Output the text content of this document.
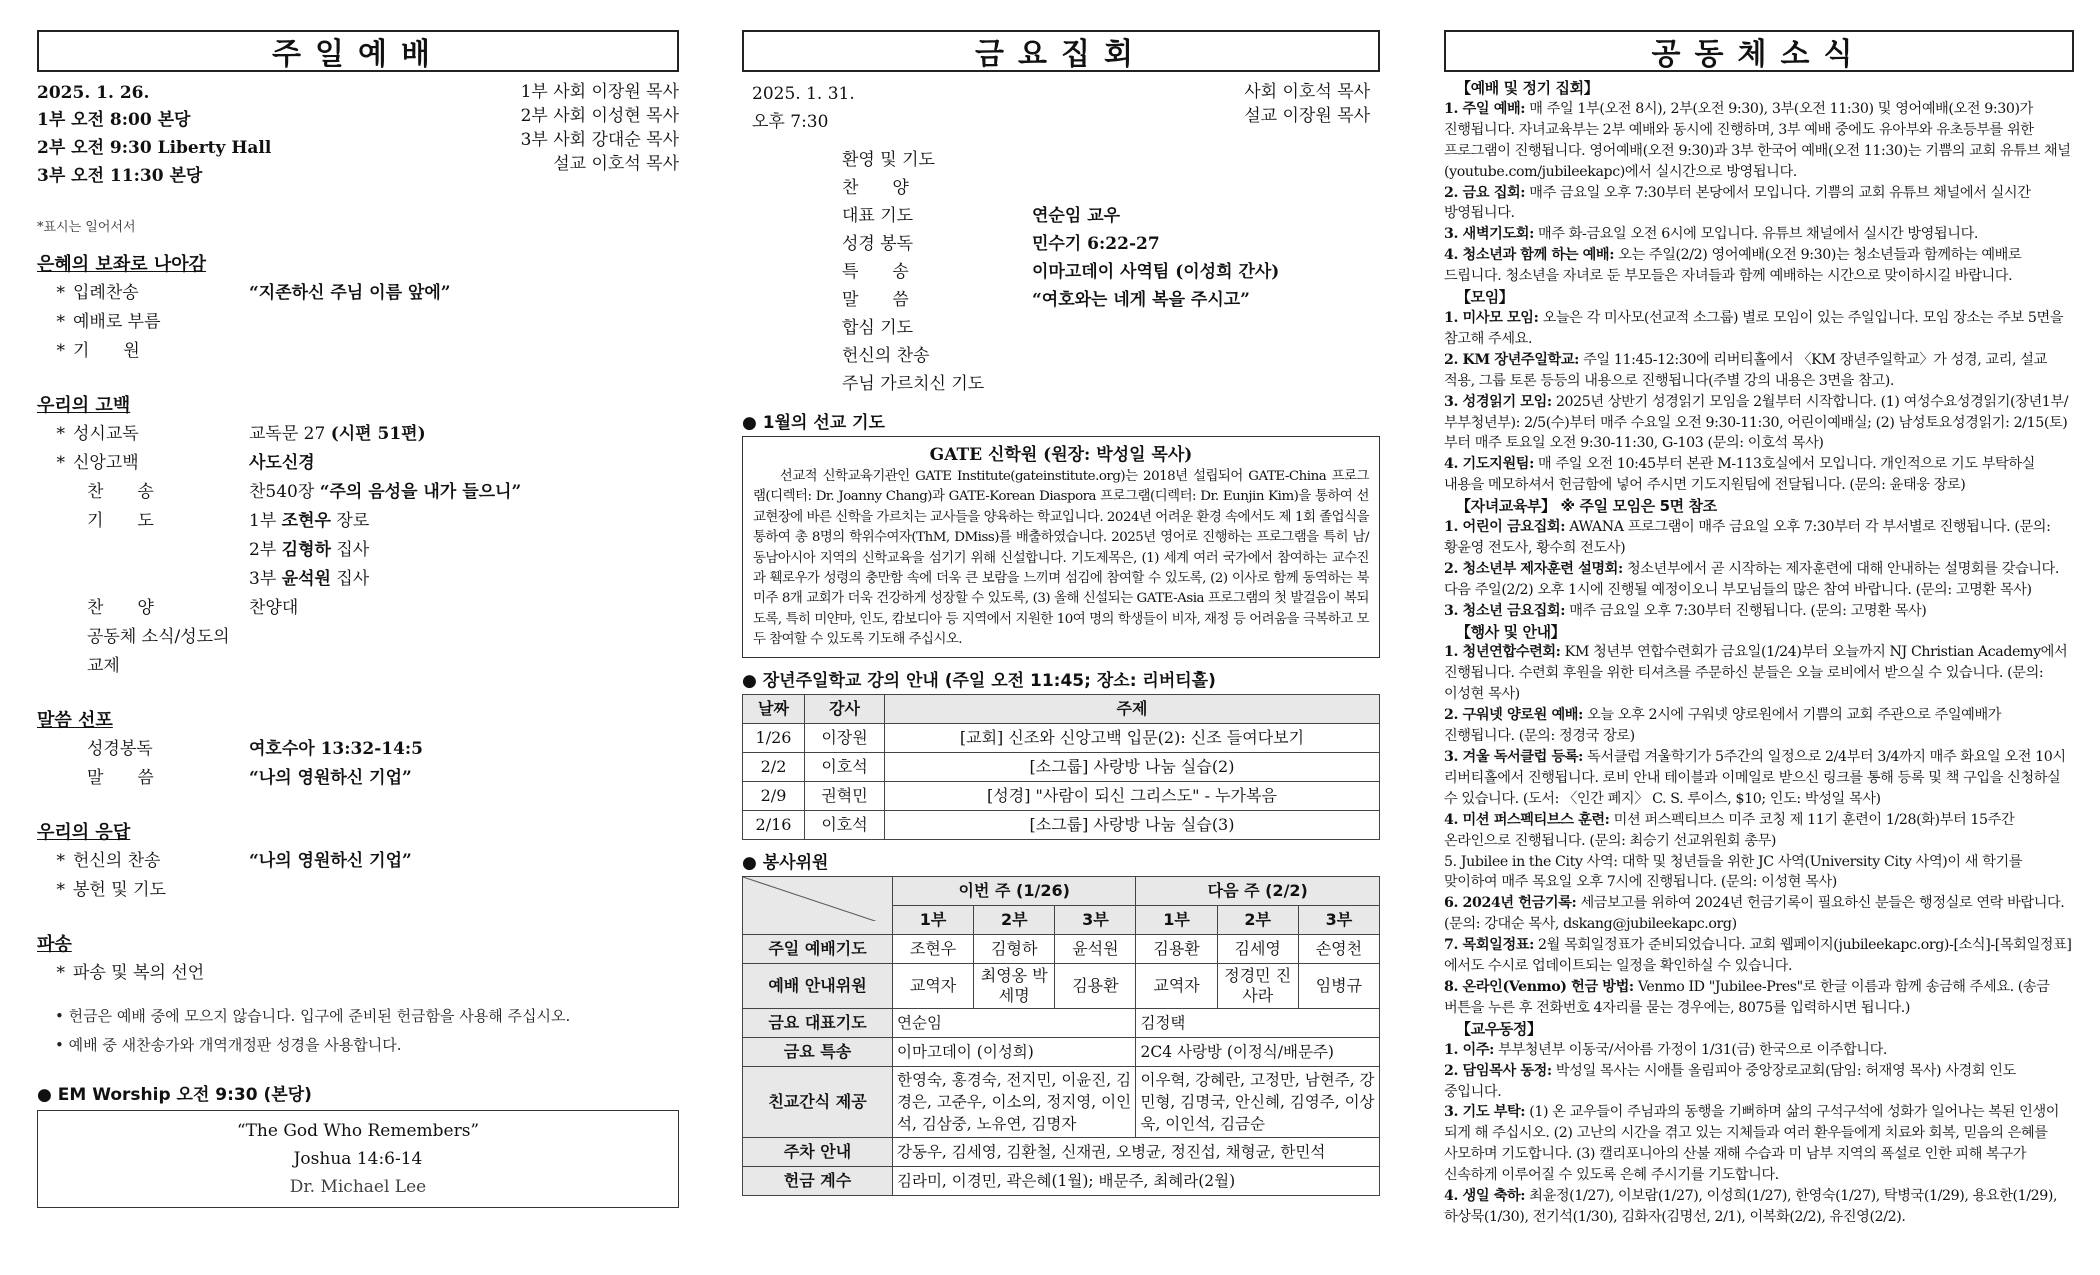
주일예배
2025. 1. 26.
1부 오전 8:00 본당
2부 오전 9:30 Liberty Hall
3부 오전 11:30 본당
1부 사회 이장원 목사
2부 사회 이성현 목사
3부 사회 강대순 목사
설교 이호석 목사
*표시는 일어서서
은혜의 보좌로 나아감
* 입례찬송	“지존하신 주님 이름 앞에”
* 예배로 부름
* 기　　원
우리의 고백
* 성시교독	교독문 27 (시편 51편)
* 신앙고백	사도신경
찬　　송	찬540장 “주의 음성을 내가 들으니”
기　　도	1부 조현우 장로
2부 김형하 집사
3부 윤석원 집사
찬　　양	찬양대
공동체 소식/성도의 교제
말씀 선포
성경봉독	여호수아 13:32-14:5
말　　씀	“나의 영원하신 기업”
우리의 응답
* 헌신의 찬송	“나의 영원하신 기업”
* 봉헌 및 기도
파송
* 파송 및 복의 선언
• 헌금은 예배 중에 모으지 않습니다. 입구에 준비된 헌금함을 사용해 주십시오.
• 예배 중 새찬송가와 개역개정판 성경을 사용합니다.
● EM Worship 오전 9:30 (본당)
“The God Who Remembers”
Joshua 14:6-14
Dr. Michael Lee
금요집회
2025. 1. 31.
오후 7:30
사회 이호석 목사
설교 이장원 목사
환영 및 기도
찬　　양
대표 기도	연순임 교우
성경 봉독	민수기 6:22-27
특　　송	이마고데이 사역팀 (이성희 간사)
말　　씀	“여호와는 네게 복을 주시고”
합심 기도
헌신의 찬송
주님 가르치신 기도
● 1월의 선교 기도
GATE 신학원 (원장: 박성일 목사)
선교적 신학교육기관인 GATE Institute(gateinstitute.org)는 2018년 설립되어 GATE-China 프로그램(디렉터: Dr. Joanny Chang)과 GATE-Korean Diaspora 프로그램(디렉터: Dr. Eunjin Kim)을 통하여 선교현장에 바른 신학을 가르치는 교사들을 양육하는 학교입니다. 2024년 어려운 환경 속에서도 제 1회 졸업식을 통하여 총 8명의 학위수여자(ThM, DMiss)를 배출하였습니다. 2025년 영어로 진행하는 프로그램을 특히 남/동남아시아 지역의 신학교육을 섬기기 위해 신설합니다. 기도제목은, (1) 세계 여러 국가에서 참여하는 교수진과 훽로우가 성령의 충만함 속에 더욱 큰 보람을 느끼며 섬김에 참여할 수 있도록, (2) 이사로 함께 동역하는 북미주 8개 교회가 더욱 건강하게 성장할 수 있도록, (3) 올해 신설되는 GATE-Asia 프로그램의 첫 발걸음이 복되도록, 특히 미얀마, 인도, 캄보디아 등 지역에서 지원한 10여 명의 학생들이 비자, 재정 등 어려움을 극복하고 모두 참여할 수 있도록 기도해 주십시오.
● 장년주일학교 강의 안내 (주일 오전 11:45; 장소: 리버티홀)
날짜	강사	주제
1/26	이장원	[교회] 신조와 신앙고백 입문(2): 신조 들여다보기
2/2	이호석	[소그룹] 사랑방 나눔 실습(2)
2/9	권혁민	[성경] "사람이 되신 그리스도" - 누가복음
2/16	이호석	[소그룹] 사랑방 나눔 실습(3)
● 봉사위원
	이번 주 (1/26)			다음 주 (2/2)		
	1부	2부	3부	1부	2부	3부
주일 예배기도	조현우	김형하	윤석원	김용환	김세영	손영천
예배 안내위원	교역자	최영옹 박세명	김용환	교역자	정경민 진사라	임병규
금요 대표기도	연순임			김정택		
금요 특송	이마고데이 (이성희)			2C4 사랑방 (이정식/배문주)		
친교간식 제공	한영숙, 홍경숙, 전지민, 이윤진, 김경은, 고준우, 이소의, 정지영, 이인석, 김삼중, 노유연, 김명자			이우혁, 강혜란, 고정만, 남현주, 강민형, 김명국, 안신혜, 김영주, 이상욱, 이인석, 김금순		
주차 안내	강동우, 김세영, 김환철, 신재권, 오병균, 정진섭, 채형균, 한민석					
헌금 계수	김라미, 이경민, 곽은혜(1월); 배문주, 최혜라(2월)					
공동체소식
【예배 및 정기 집회】
1. 주일 예배: 매 주일 1부(오전 8시), 2부(오전 9:30), 3부(오전 11:30) 및 영어예배(오전 9:30)가 진행됩니다. 자녀교육부는 2부 예배와 동시에 진행하며, 3부 예배 중에도 유아부와 유초등부를 위한 프로그램이 진행됩니다. 영어예배(오전 9:30)과 3부 한국어 예배(오전 11:30)는 기쁨의 교회 유튜브 채널(youtube.com/jubileekapc)에서 실시간으로 방영됩니다.
2. 금요 집회: 매주 금요일 오후 7:30부터 본당에서 모입니다. 기쁨의 교회 유튜브 채널에서 실시간 방영됩니다.
3. 새벽기도회: 매주 화-금요일 오전 6시에 모입니다. 유튜브 채널에서 실시간 방영됩니다.
4. 청소년과 함께 하는 예배: 오는 주일(2/2) 영어예배(오전 9:30)는 청소년들과 함께하는 예배로 드립니다. 청소년을 자녀로 둔 부모들은 자녀들과 함께 예배하는 시간으로 맞이하시길 바랍니다.
【모임】
1. 미사모 모임: 오늘은 각 미사모(선교적 소그룹) 별로 모임이 있는 주일입니다. 모임 장소는 주보 5면을 참고해 주세요.
2. KM 장년주일학교: 주일 11:45-12:30에 리버티홀에서 〈KM 장년주일학교〉가 성경, 교리, 설교 적용, 그룹 토론 등등의 내용으로 진행됩니다(주별 강의 내용은 3면을 참고).
3. 성경읽기 모임: 2025년 상반기 성경읽기 모임을 2월부터 시작합니다. (1) 여성수요성경읽기(장년1부/부부청년부): 2/5(수)부터 매주 수요일 오전 9:30-11:30, 어린이예배실; (2) 남성토요성경읽기: 2/15(토)부터 매주 토요일 오전 9:30-11:30, G-103 (문의: 이호석 목사)
4. 기도지원팀: 매 주일 오전 10:45부터 본관 M-113호실에서 모입니다. 개인적으로 기도 부탁하실 내용을 메모하셔서 헌금함에 넣어 주시면 기도지원팀에 전달됩니다. (문의: 윤태웅 장로)
【자녀교육부】 ※ 주일 모임은 5면 참조
1. 어린이 금요집회: AWANA 프로그램이 매주 금요일 오후 7:30부터 각 부서별로 진행됩니다. (문의: 황윤영 전도사, 황수희 전도사)
2. 청소년부 제자훈련 설명회: 청소년부에서 곧 시작하는 제자훈련에 대해 안내하는 설명회를 갖습니다. 다음 주일(2/2) 오후 1시에 진행될 예정이오니 부모님들의 많은 참여 바랍니다. (문의: 고명환 목사)
3. 청소년 금요집회: 매주 금요일 오후 7:30부터 진행됩니다. (문의: 고명환 목사)
【행사 및 안내】
1. 청년연합수련회: KM 청년부 연합수련회가 금요일(1/24)부터 오늘까지 NJ Christian Academy에서 진행됩니다. 수련회 후원을 위한 티셔츠를 주문하신 분들은 오늘 로비에서 받으실 수 있습니다. (문의: 이성현 목사)
2. 구워넷 양로원 예배: 오늘 오후 2시에 구워넷 양로원에서 기쁨의 교회 주관으로 주일예배가 진행됩니다. (문의: 정경국 장로)
3. 겨울 독서클럽 등록: 독서클럽 겨울학기가 5주간의 일정으로 2/4부터 3/4까지 매주 화요일 오전 10시 리버티홀에서 진행됩니다. 로비 안내 테이블과 이메일로 받으신 링크를 통해 등록 및 책 구입을 신청하실 수 있습니다. (도서: 〈인간 폐지〉 C. S. 루이스, $10; 인도: 박성일 목사)
4. 미션 퍼스펙티브스 훈련: 미션 퍼스펙티브스 미주 코칭 제 11기 훈련이 1/28(화)부터 15주간 온라인으로 진행됩니다. (문의: 최승기 선교위원회 총무)
5. Jubilee in the City 사역: 대학 및 청년들을 위한 JC 사역(University City 사역)이 새 학기를 맞이하여 매주 목요일 오후 7시에 진행됩니다. (문의: 이성현 목사)
6. 2024년 헌금기록: 세금보고를 위하여 2024년 헌금기록이 필요하신 분들은 행정실로 연락 바랍니다. (문의: 강대순 목사, dskang@jubileekapc.org)
7. 목회일정표: 2월 목회일정표가 준비되었습니다. 교회 웹페이지(jubileekapc.org)-[소식]-[목회일정표]에서도 수시로 업데이트되는 일정을 확인하실 수 있습니다.
8. 온라인(Venmo) 헌금 방법: Venmo ID "Jubilee-Pres"로 한글 이름과 함께 송금해 주세요. (송금 버튼을 누른 후 전화번호 4자리를 묻는 경우에는, 8075를 입력하시면 됩니다.)
【교우동정】
1. 이주: 부부청년부 이동국/서아름 가정이 1/31(금) 한국으로 이주합니다.
2. 담임목사 동정: 박성일 목사는 시애틀 올림피아 중앙장로교회(담임: 허재영 목사) 사경회 인도 중입니다.
3. 기도 부탁: (1) 온 교우들이 주님과의 동행을 기뻐하며 삶의 구석구석에 성화가 일어나는 복된 인생이 되게 해 주십시오. (2) 고난의 시간을 겪고 있는 지체들과 여러 환우들에게 치료와 회복, 믿음의 은혜를 사모하며 기도합니다. (3) 캘리포니아의 산불 재해 수습과 미 남부 지역의 폭설로 인한 피해 복구가 신속하게 이루어질 수 있도록 은혜 주시기를 기도합니다.
4. 생일 축하: 최윤정(1/27), 이보람(1/27), 이성희(1/27), 한영숙(1/27), 탁병국(1/29), 용요한(1/29), 하상묵(1/30), 전기석(1/30), 김화자(김명선, 2/1), 이복화(2/2), 유진영(2/2).
